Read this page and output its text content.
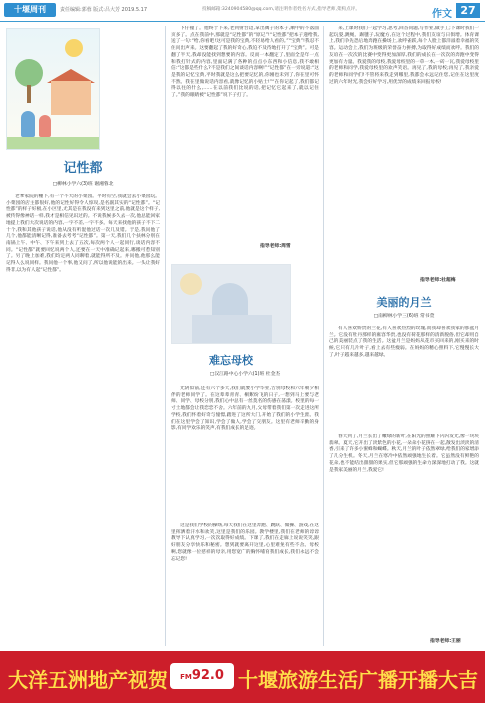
十堰周刊	责任编辑:郭蓉 版式:吕大芳 2019.5.17	投稿邮箱:3240904580@qq.com,请注明作者姓名方式,指导老师,架构点评。	作文 27
记性都
□柳林小学六(3)班 谢湘蓉北
老爹家院的棚下,有一个不大的小菜园。平时有空,我就会去小菜园玩。小菜园的店主都很好,他的记性好得令人惊叹,是名副其实的“记性都”。“记性都”的样子好极,在小区里,尤其是在我没有来到这里之前,他就是这个样子,被传得像神话一样,我才是相信见识过的。不说我候多久去一次,他总能回家地提上我们大次说话的内容,一字不差,一字不多。每天来找他的孩子不下二十个,我和其他孩子说话,他从没有听混他过话一次几及错。于是,我问他了几个,他都能清晰记得,准备去考考“记性都”。第一天,我们几个扶林分别在南锅上午、中午、下午来到上去了五次,每次两个人一起同行,谈话内容不同。“记性都”就要回忆说两个人,还要在一天中准确记起来,哪搬可惹知别了。另了晚上加难,我们均定两人同聊着,就能得所不及。并问他,他那么能记得人么说同样。我问他一个事,他又问了,所以他说能的出来。一头让我好得非,以为有人起“记性都”。
下仔撞了。他终于下来,老到射台边,拿出阀子的本子,顺中的不落面页多了。点在我前中,那就是“记性都”的“原记”!“记性都”把本子递给我,送了一句:“给,你看吧!这可是我的宝典,不轻易给人看的。”“宝典”!我忍不住问出声来。这要翻起了我的好奇心,我迫不及待地打开了“宝典”。可是翻了半天,我却没能找到想要的内容。反而一本翻定了,里面全是年一点和我打针式的内容,里面记满了各种的点点小东西和小信息,我不敢相信:“这都是些什么?不是我们之间谈话内容啊!”“记性都”在一旁说道:“这是我的记忆宝典,平时我就是这么把要记忆的,你刚也未到了,你在里可怀不然。我在里做说话内容看,就像记忆的小贴士!”“在你记起了,我们都记得以往的什么,……在以前我们比说的话,把记忆它起来了,就以记住了。”我的眼睛被“记性都”说下子打了。
指导老师:周雪
难忘母校
□汉江路中心小学六(1)班 杜金杰
光阴似箭,还有六个多天,我们就要小学毕业,告别母校和六年朝夕相伴的老师同学了。在这辈辈青青、桐絮纷飞的日子,一想到马上要与老师、同学、母校分别,我们心中总有一丝莫名的伤感在荡漾。校里的每一寸土地都会让我恋恋不舍。六年前的九月,父母带着我们第一次走进这所学校,我们怀着好奇与憧憬,踏进了这所大门,开始了我们的小学生涯。我们在这里学会了知识,学会了做人,学会了交朋友。这里有老师辛勤的身影,有同学欢乐的笑声,有我们成长的足迹。
这是我们学校的操场,每天我们在这里奔跑、跳跃、做操、游戏,在这里挥洒着汗水和欢笑,这里是我们的乐园。教学楼里,我们在老师的谆谆教导下认真学习,一次次取得好成绩。下课了,我们在走廊上说说笑笑,跟好朋友分享快乐和秘密。想到就要离开这里,心里难免有些不舍。母校啊,您就像一位慈祥的母亲,用您宽广的胸怀哺育我们成长,我们永远不会忘记您!
来,上课时我们一起学习,思考,回答问题,写作业,做手工;下课时我们一起玩耍,跳绳、踢毽子,玩魔方,在这个过程中,我们友谊与日俱增。体育课上,我们争先恐后地奔跑在操场上,欢呼雀跃,每个人脸上都洋溢着幸福的笑容。运动会上,我们为班级的荣誉奋力拼搏,为取得好成绩而欢呼。我们的友谊在一次次的比赛中变得更加深厚,我们的成长在一次次的奔跑中变得更加有力量。我爱我的母校,我爱母校里的一草一木,一砖一瓦,我爱母校里的老师和同学,我爱母校里的欢声笑语。再见了,我的母校;再见了,我亲爱的老师和同学们!不管将来我走到哪里,我都会永远记住您,记住在这里度过的六年时光,我会好好学习,用优异的成绩来回报母校!
指导老师:杜超梅
美丽的月兰
□南柳林小学三(6)班 常书萱
有人喜欢娇贵的兰花,有人喜欢热烈的玫瑰,而我却喜欢我家的那盆月兰。它没有牡丹那样的雍容华贵,也没有荷花那样的清新脱俗,但它却用自己的美丽装点了我的生活。这盆月兰是妈妈从花市买回来的,刚买来的时候,它只有几片叶子,看上去有些瘦弱。在妈妈的精心照料下,它慢慢长大了,叶子越来越多,越来越绿。
春天到了,月兰长出了嫩绿的新叶,在阳光的照耀下闪闪发光,像一块块翡翠。夏天,它开出了淡紫色的小花,一朵朵小花挤在一起,散发出淡淡的清香,引来了许多小蜜蜂和蝴蝶。秋天,月兰的叶子依然翠绿,给我们的家增添了几分生机。冬天,月兰在寒冷中依然顽强地生长着。它虽然没有鲜艳的花朵,也不能结出甜甜的果实,但它那顽强的生命力深深地打动了我。这就是我家美丽的月兰,我爱它!
指导老师:王丽
大洋五洲地产视贺	FM92.0 十堰旅游生活广播开播大吉
